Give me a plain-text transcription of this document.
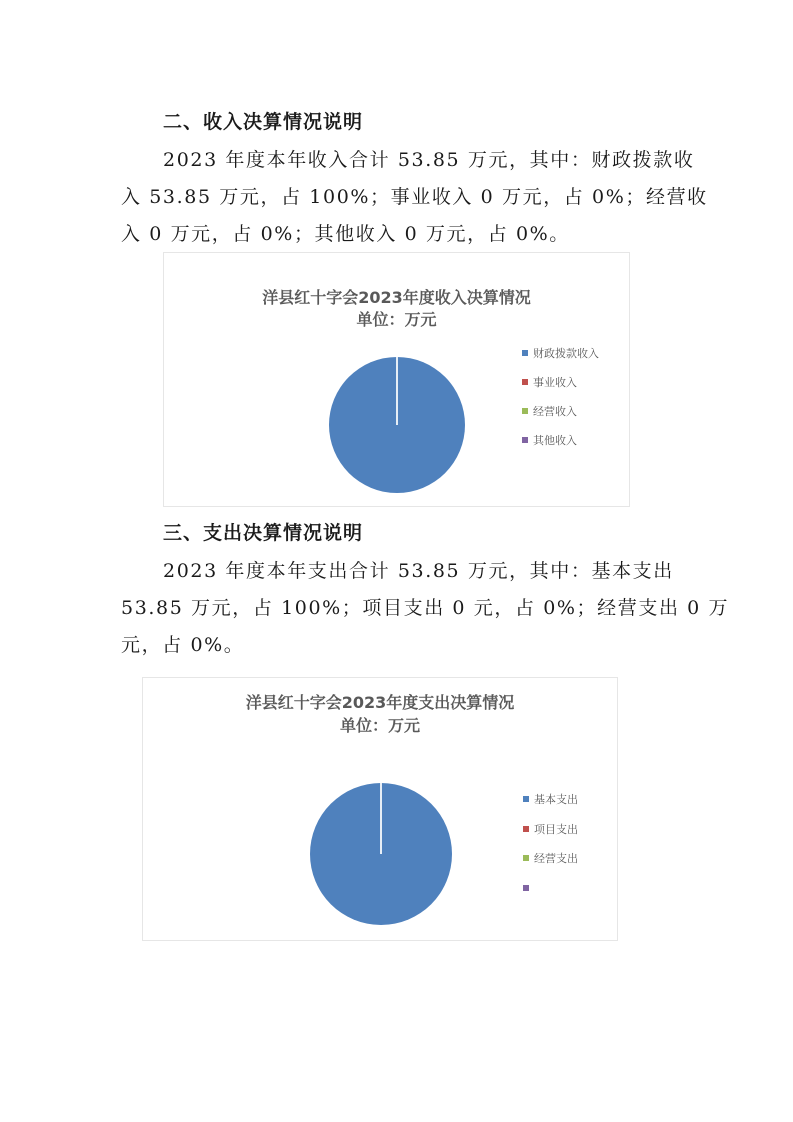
二、收入决算情况说明
2023 年度本年收入合计 53.85 万元，其中：财政拨款收
入 53.85 万元，占 100%；事业收入 0 万元，占 0%；经营收
入 0 万元，占 0%；其他收入 0 万元，占 0%。
洋县红十字会2023年度收入决算情况
单位：万元
财政拨款收入
事业收入
经营收入
其他收入
三、支出决算情况说明
2023 年度本年支出合计 53.85 万元，其中：基本支出
53.85 万元，占 100%；项目支出 0 元，占 0%；经营支出 0 万
元，占 0%。
洋县红十字会2023年度支出决算情况
单位：万元
基本支出
项目支出
经营支出
